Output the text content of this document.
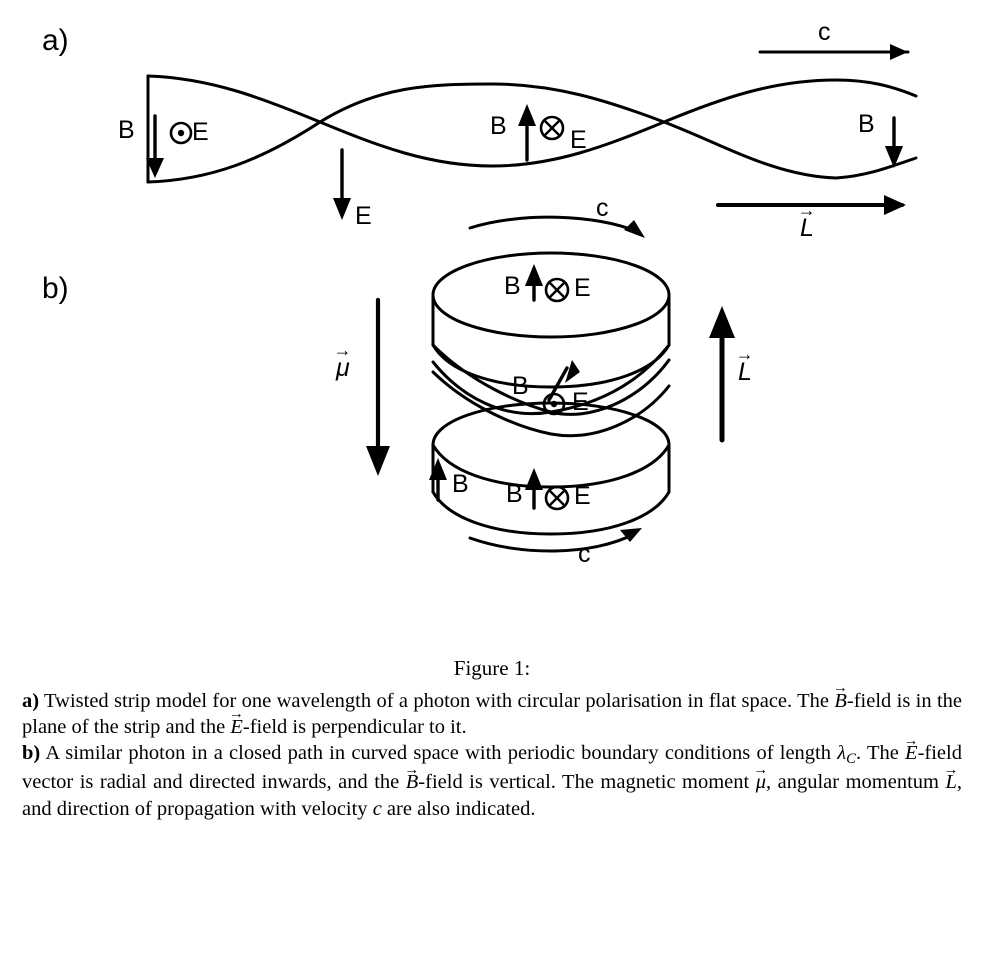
a)
b)
B E
E
B	E
B
c
→ L
c
c
→ μ	→ L
B E
B
E
B B E
Figure 1:

a) Twisted strip model for one wavelength of a photon with circular polarisation in flat space. The → B-field is in the plane of the strip and the → E-field is perpendicular to it.

b) A similar photon in a closed path in curved space with periodic boundary conditions of length $\lambda_C$. The → E-field vector is radial and directed inwards, and the → B-field is vertical. The magnetic moment → μ, angular momentum → L, and direction of propagation with velocity c are also indicated.
